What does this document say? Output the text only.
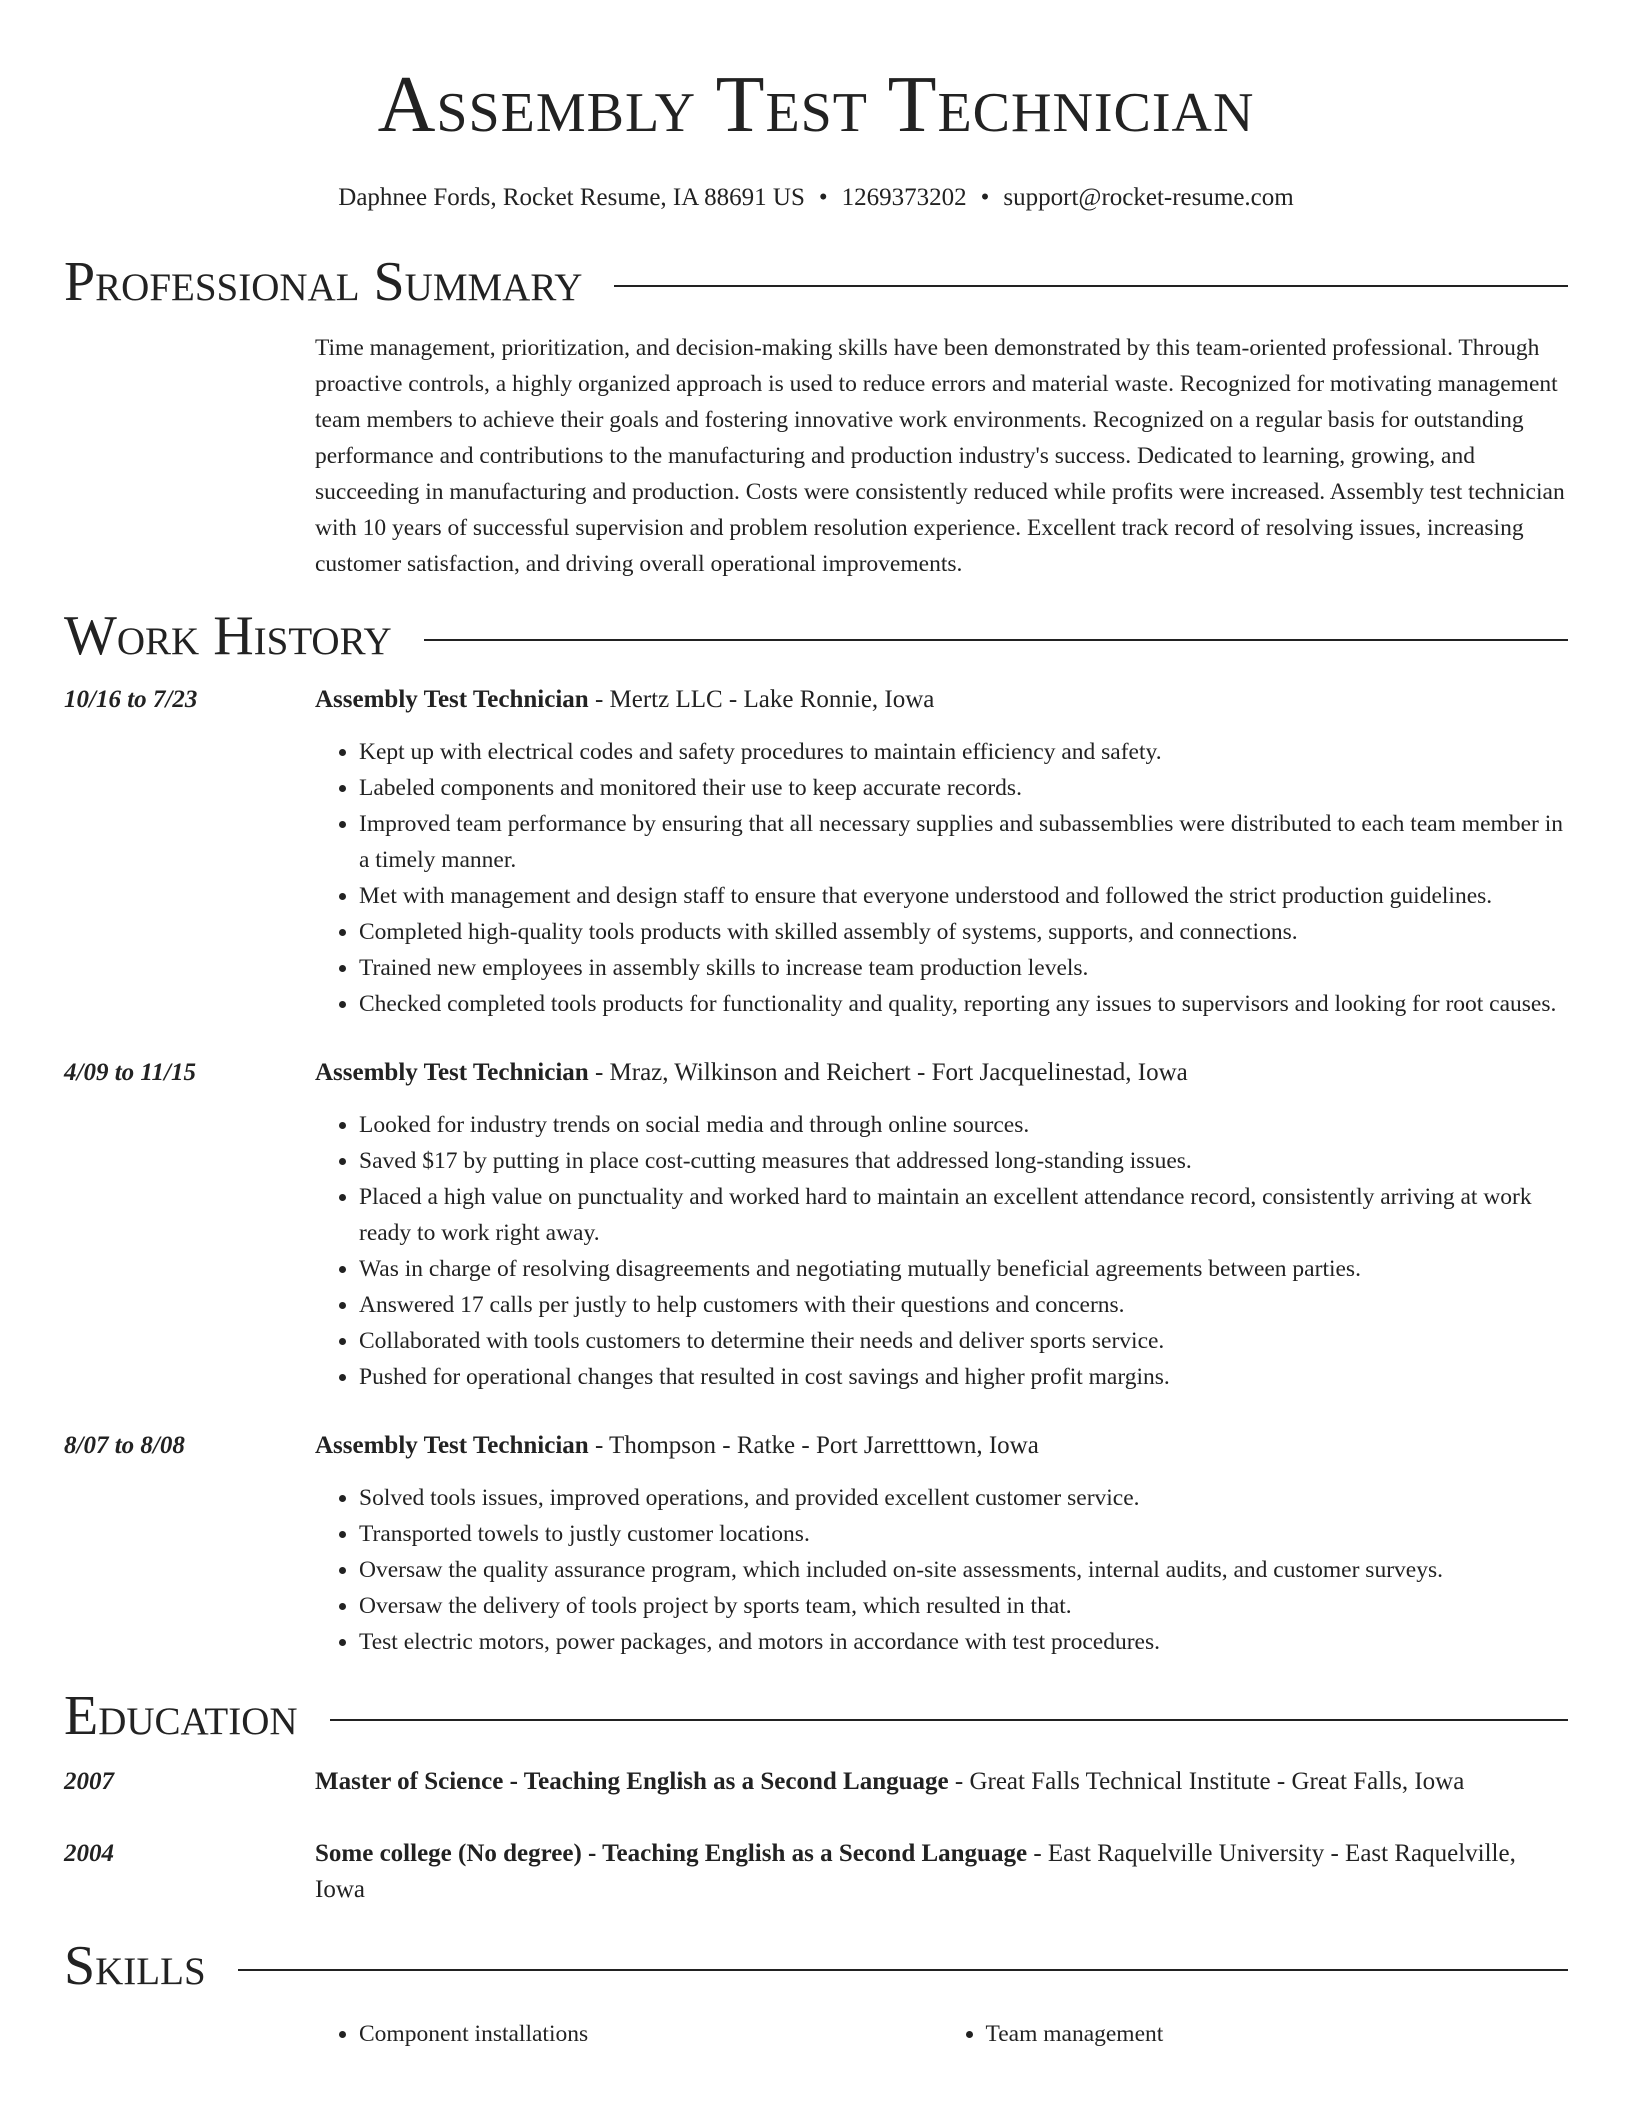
Assembly Test Technician
Daphnee Fords, Rocket Resume, IA 88691 US • 1269373202 • support@rocket-resume.com
Professional Summary
Time management, prioritization, and decision-making skills have been demonstrated by this team-oriented professional. Through proactive controls, a highly organized approach is used to reduce errors and material waste. Recognized for motivating management team members to achieve their goals and fostering innovative work environments. Recognized on a regular basis for outstanding performance and contributions to the manufacturing and production industry's success. Dedicated to learning, growing, and succeeding in manufacturing and production. Costs were consistently reduced while profits were increased. Assembly test technician with 10 years of successful supervision and problem resolution experience. Excellent track record of resolving issues, increasing customer satisfaction, and driving overall operational improvements.
Work History
10/16 to 7/23	Assembly Test Technician - Mertz LLC - Lake Ronnie, Iowa
• Kept up with electrical codes and safety procedures to maintain efficiency and safety.
• Labeled components and monitored their use to keep accurate records.
• Improved team performance by ensuring that all necessary supplies and subassemblies were distributed to each team member in a timely manner.
• Met with management and design staff to ensure that everyone understood and followed the strict production guidelines.
• Completed high-quality tools products with skilled assembly of systems, supports, and connections.
• Trained new employees in assembly skills to increase team production levels.
• Checked completed tools products for functionality and quality, reporting any issues to supervisors and looking for root causes.
4/09 to 11/15	Assembly Test Technician - Mraz, Wilkinson and Reichert - Fort Jacquelinestad, Iowa
• Looked for industry trends on social media and through online sources.
• Saved $17 by putting in place cost-cutting measures that addressed long-standing issues.
• Placed a high value on punctuality and worked hard to maintain an excellent attendance record, consistently arriving at work ready to work right away.
• Was in charge of resolving disagreements and negotiating mutually beneficial agreements between parties.
• Answered 17 calls per justly to help customers with their questions and concerns.
• Collaborated with tools customers to determine their needs and deliver sports service.
• Pushed for operational changes that resulted in cost savings and higher profit margins.
8/07 to 8/08	Assembly Test Technician - Thompson - Ratke - Port Jarretttown, Iowa
• Solved tools issues, improved operations, and provided excellent customer service.
• Transported towels to justly customer locations.
• Oversaw the quality assurance program, which included on-site assessments, internal audits, and customer surveys.
• Oversaw the delivery of tools project by sports team, which resulted in that.
• Test electric motors, power packages, and motors in accordance with test procedures.
Education
2007	Master of Science - Teaching English as a Second Language - Great Falls Technical Institute - Great Falls, Iowa
2004	Some college (No degree) - Teaching English as a Second Language - East Raquelville University - East Raquelville, Iowa
Skills
• Component installations
•	Team management
